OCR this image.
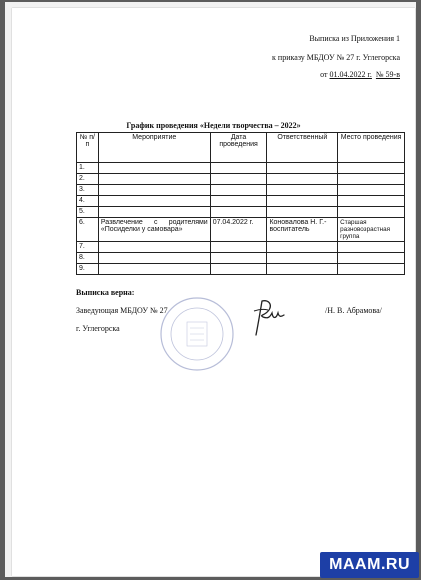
Выписка из Приложения 1
к приказу МБДОУ № 27 г. Углегорска
от 01.04.2022 г. № 59-в
График проведения «Недели творчества – 2022»
№ п/п	Мероприятие	Дата проведения	Ответственный	Место проведения
1.				
2.				
3.				
4.				
5.				
6.	Развлечение с родителями «Посиделки у самовара»	07.04.2022 г.	Коновалова Н. Г.- воспитатель	Старшая разновозрастная группа
7.				
8.				
9.				
Выписка верна:
Заведующая МБДОУ № 27	/Н. В. Абрамова/
г. Углегорска
MAAM.RU
